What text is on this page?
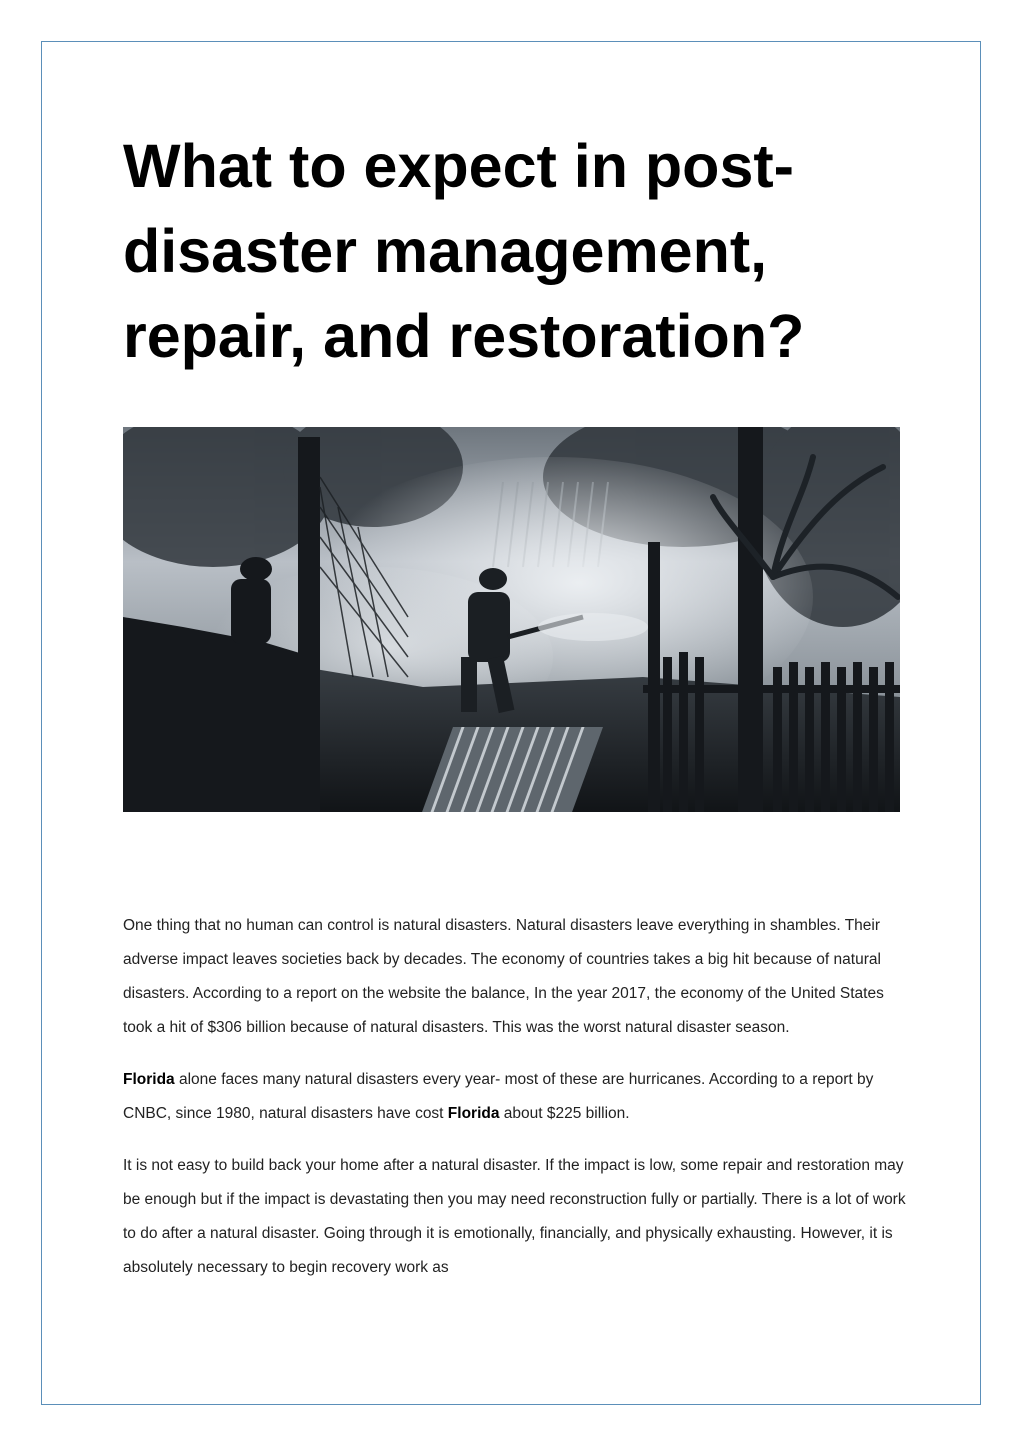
What to expect in post-disaster management, repair, and restoration?

One thing that no human can control is natural disasters. Natural disasters leave everything in shambles. Their adverse impact leaves societies back by decades. The economy of countries takes a big hit because of natural disasters. According to a report on the website the balance, In the year 2017, the economy of the United States took a hit of $306 billion because of natural disasters. This was the worst natural disaster season.

Florida alone faces many natural disasters every year- most of these are hurricanes. According to a report by CNBC, since 1980, natural disasters have cost Florida about $225 billion.

It is not easy to build back your home after a natural disaster. If the impact is low, some repair and restoration may be enough but if the impact is devastating then you may need reconstruction fully or partially. There is a lot of work to do after a natural disaster. Going through it is emotionally, financially, and physically exhausting. However, it is absolutely necessary to begin recovery work as
